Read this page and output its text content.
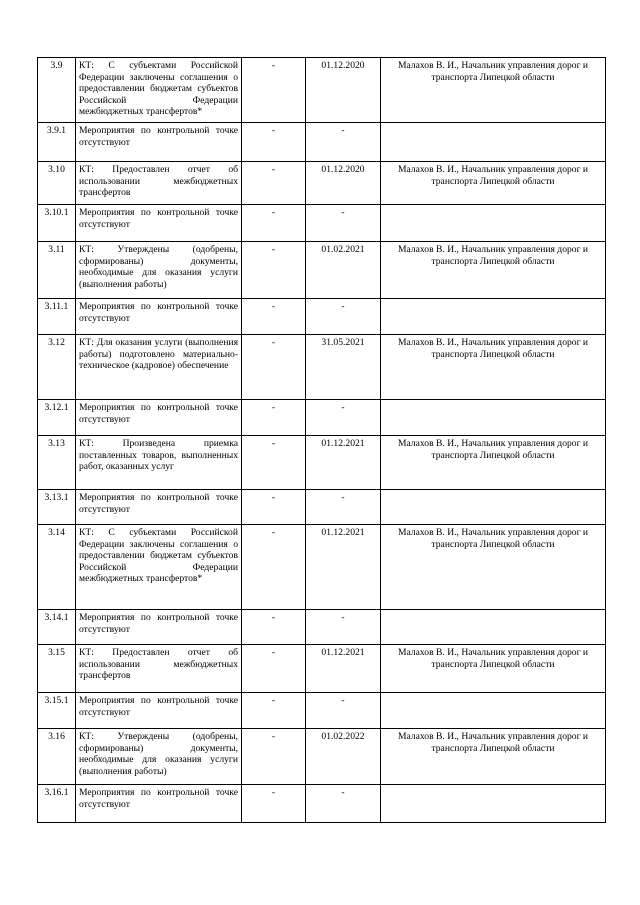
3.9	КТ: С субъектами Российской Федерации заключены соглашения о предоставлении бюджетам субъектов Российской Федерации межбюджетных трансфертов*	-	01.12.2020	Малахов В. И., Начальник управления дорог и транспорта Липецкой области
3.9.1	Мероприятия по контрольной точке отсутствуют	-	-	
3.10	КТ: Предоставлен отчет об использовании межбюджетных трансфертов	-	01.12.2020	Малахов В. И., Начальник управления дорог и транспорта Липецкой области
3.10.1	Мероприятия по контрольной точке отсутствуют	-	-	
3.11	КТ: Утверждены (одобрены, сформированы) документы, необходимые для оказания услуги (выполнения работы)	-	01.02.2021	Малахов В. И., Начальник управления дорог и транспорта Липецкой области
3.11.1	Мероприятия по контрольной точке отсутствуют	-	-	
3.12	КТ: Для оказания услуги (выполнения работы) подготовлено материально-техническое (кадровое) обеспечение	-	31.05.2021	Малахов В. И., Начальник управления дорог и транспорта Липецкой области
3.12.1	Мероприятия по контрольной точке отсутствуют	-	-	
3.13	КТ: Произведена приемка поставленных товаров, выполненных работ, оказанных услуг	-	01.12.2021	Малахов В. И., Начальник управления дорог и транспорта Липецкой области
3.13.1	Мероприятия по контрольной точке отсутствуют	-	-	
3.14	КТ: С субъектами Российской Федерации заключены соглашения о предоставлении бюджетам субъектов Российской Федерации межбюджетных трансфертов*	-	01.12.2021	Малахов В. И., Начальник управления дорог и транспорта Липецкой области
3.14.1	Мероприятия по контрольной точке отсутствуют	-	-	
3.15	КТ: Предоставлен отчет об использовании межбюджетных трансфертов	-	01.12.2021	Малахов В. И., Начальник управления дорог и транспорта Липецкой области
3.15.1	Мероприятия по контрольной точке отсутствуют	-	-	
3.16	КТ: Утверждены (одобрены, сформированы) документы, необходимые для оказания услуги (выполнения работы)	-	01.02.2022	Малахов В. И., Начальник управления дорог и транспорта Липецкой области
3.16.1	Мероприятия по контрольной точке отсутствуют	-	-	
